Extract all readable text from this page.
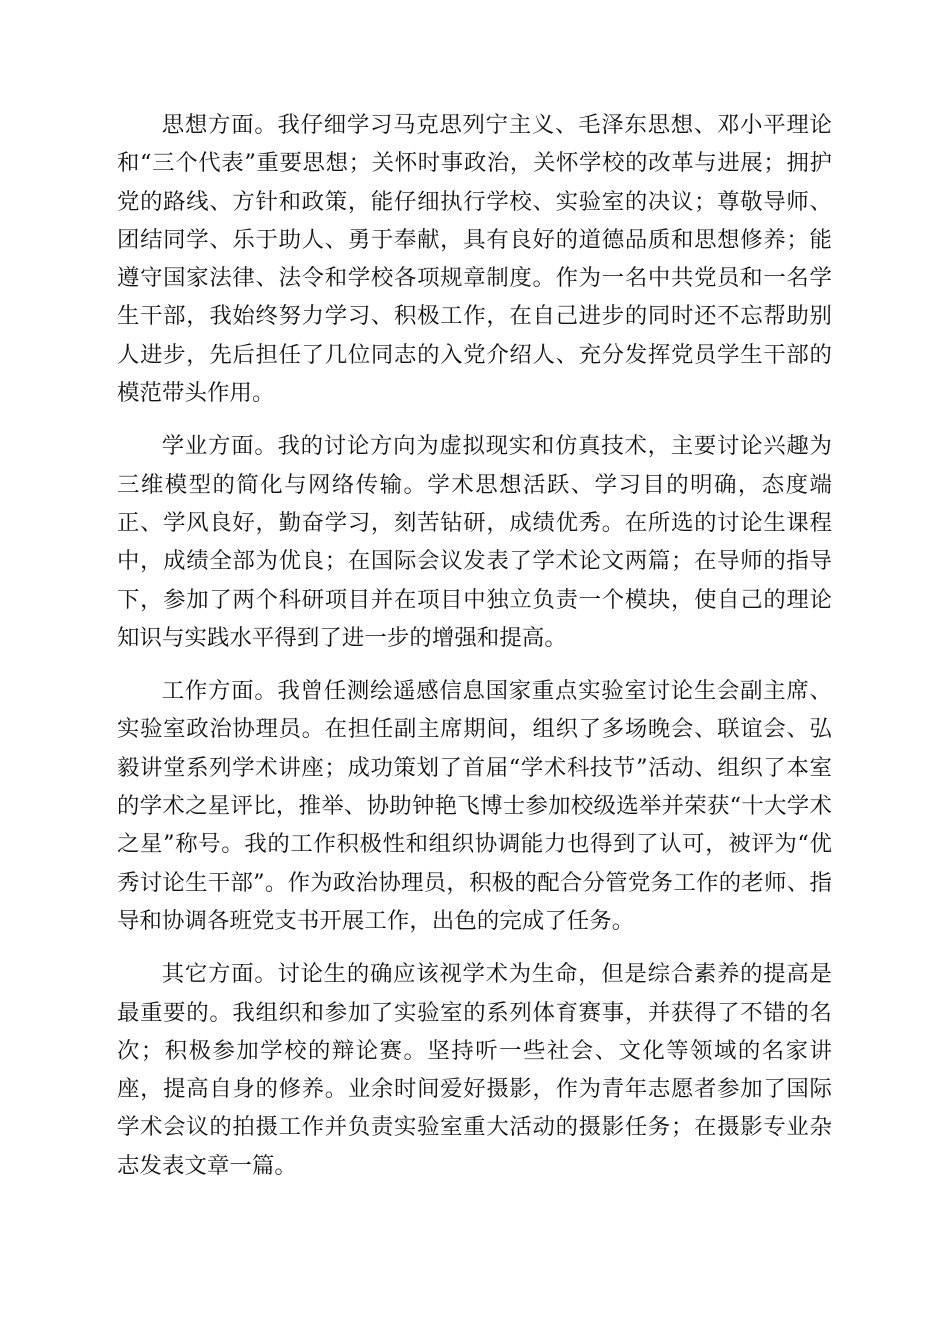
思想方面。我仔细学习马克思列宁主义、毛泽东思想、邓小平理论和“三个代表”重要思想；关怀时事政治，关怀学校的改革与进展；拥护党的路线、方针和政策，能仔细执行学校、实验室的决议；尊敬导师、团结同学、乐于助人、勇于奉献，具有良好的道德品质和思想修养；能遵守国家法律、法令和学校各项规章制度。作为一名中共党员和一名学生干部，我始终努力学习、积极工作，在自己进步的同时还不忘帮助别人进步，先后担任了几位同志的入党介绍人、充分发挥党员学生干部的模范带头作用。

学业方面。我的讨论方向为虚拟现实和仿真技术，主要讨论兴趣为三维模型的简化与网络传输。学术思想活跃、学习目的明确，态度端正、学风良好，勤奋学习，刻苦钻研，成绩优秀。在所选的讨论生课程中，成绩全部为优良；在国际会议发表了学术论文两篇；在导师的指导下，参加了两个科研项目并在项目中独立负责一个模块，使自己的理论知识与实践水平得到了进一步的增强和提高。

工作方面。我曾任测绘遥感信息国家重点实验室讨论生会副主席、实验室政治协理员。在担任副主席期间，组织了多场晚会、联谊会、弘毅讲堂系列学术讲座；成功策划了首届“学术科技节”活动、组织了本室的学术之星评比，推举、协助钟艳飞博士参加校级选举并荣获“十大学术之星”称号。我的工作积极性和组织协调能力也得到了认可，被评为“优秀讨论生干部”。作为政治协理员，积极的配合分管党务工作的老师、指导和协调各班党支书开展工作，出色的完成了任务。

其它方面。讨论生的确应该视学术为生命，但是综合素养的提高是最重要的。我组织和参加了实验室的系列体育赛事，并获得了不错的名次；积极参加学校的辩论赛。坚持听一些社会、文化等领域的名家讲座，提高自身的修养。业余时间爱好摄影，作为青年志愿者参加了国际学术会议的拍摄工作并负责实验室重大活动的摄影任务；在摄影专业杂志发表文章一篇。
